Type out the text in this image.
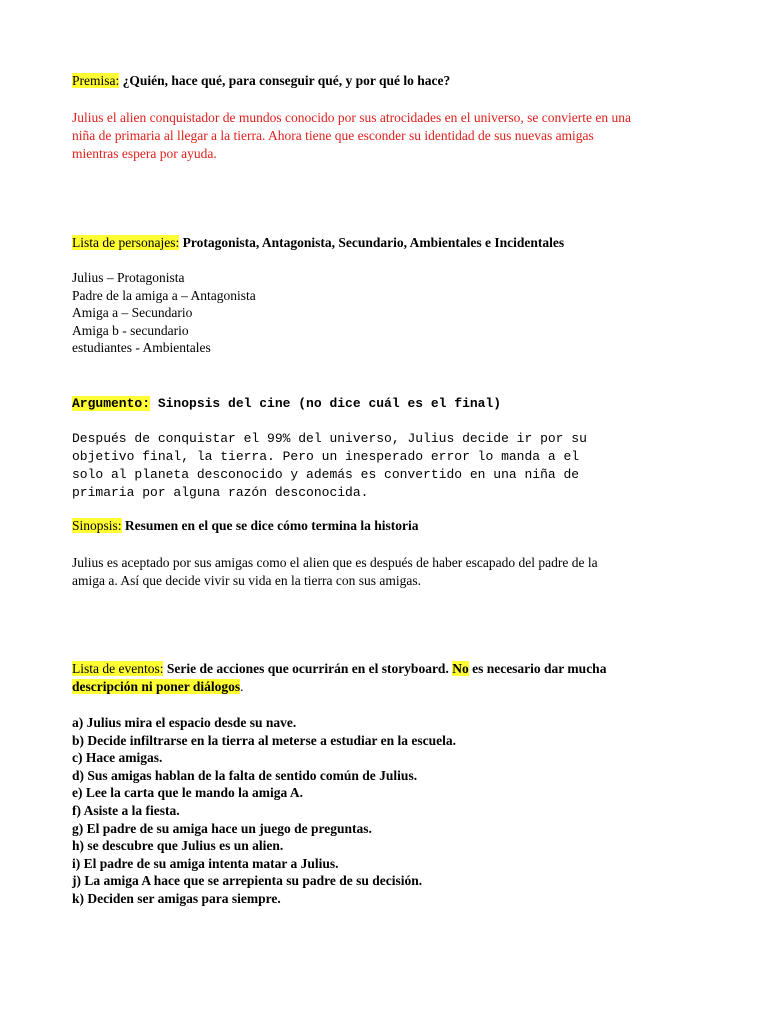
Premisa: ¿Quién, hace qué, para conseguir qué, y por qué lo hace?
Julius el alien conquistador de mundos conocido por sus atrocidades en el universo, se convierte en una
niña de primaria al llegar a la tierra. Ahora tiene que esconder su identidad de sus nuevas amigas
mientras espera por ayuda.
Lista de personajes: Protagonista, Antagonista, Secundario, Ambientales e Incidentales
Julius – Protagonista
Padre de la amiga a – Antagonista
Amiga a – Secundario
Amiga b - secundario
estudiantes - Ambientales
Argumento: Sinopsis del cine (no dice cuál es el final)
Después de conquistar el 99% del universo, Julius decide ir por su
objetivo final, la tierra. Pero un inesperado error lo manda a el
solo al planeta desconocido y además es convertido en una niña de
primaria por alguna razón desconocida.
Sinopsis: Resumen en el que se dice cómo termina la historia
Julius es aceptado por sus amigas como el alien que es después de haber escapado del padre de la
amiga a. Así que decide vivir su vida en la tierra con sus amigas.
Lista de eventos: Serie de acciones que ocurrirán en el storyboard. No es necesario dar mucha
descripción ni poner diálogos.
a) Julius mira el espacio desde su nave.
b) Decide infiltrarse en la tierra al meterse a estudiar en la escuela.
c) Hace amigas.
d) Sus amigas hablan de la falta de sentido común de Julius.
e) Lee la carta que le mando la amiga A.
f) Asiste a la fiesta.
g) El padre de su amiga hace un juego de preguntas.
h) se descubre que Julius es un alien.
i) El padre de su amiga intenta matar a Julius.
j) La amiga A hace que se arrepienta su padre de su decisión.
k) Deciden ser amigas para siempre.
